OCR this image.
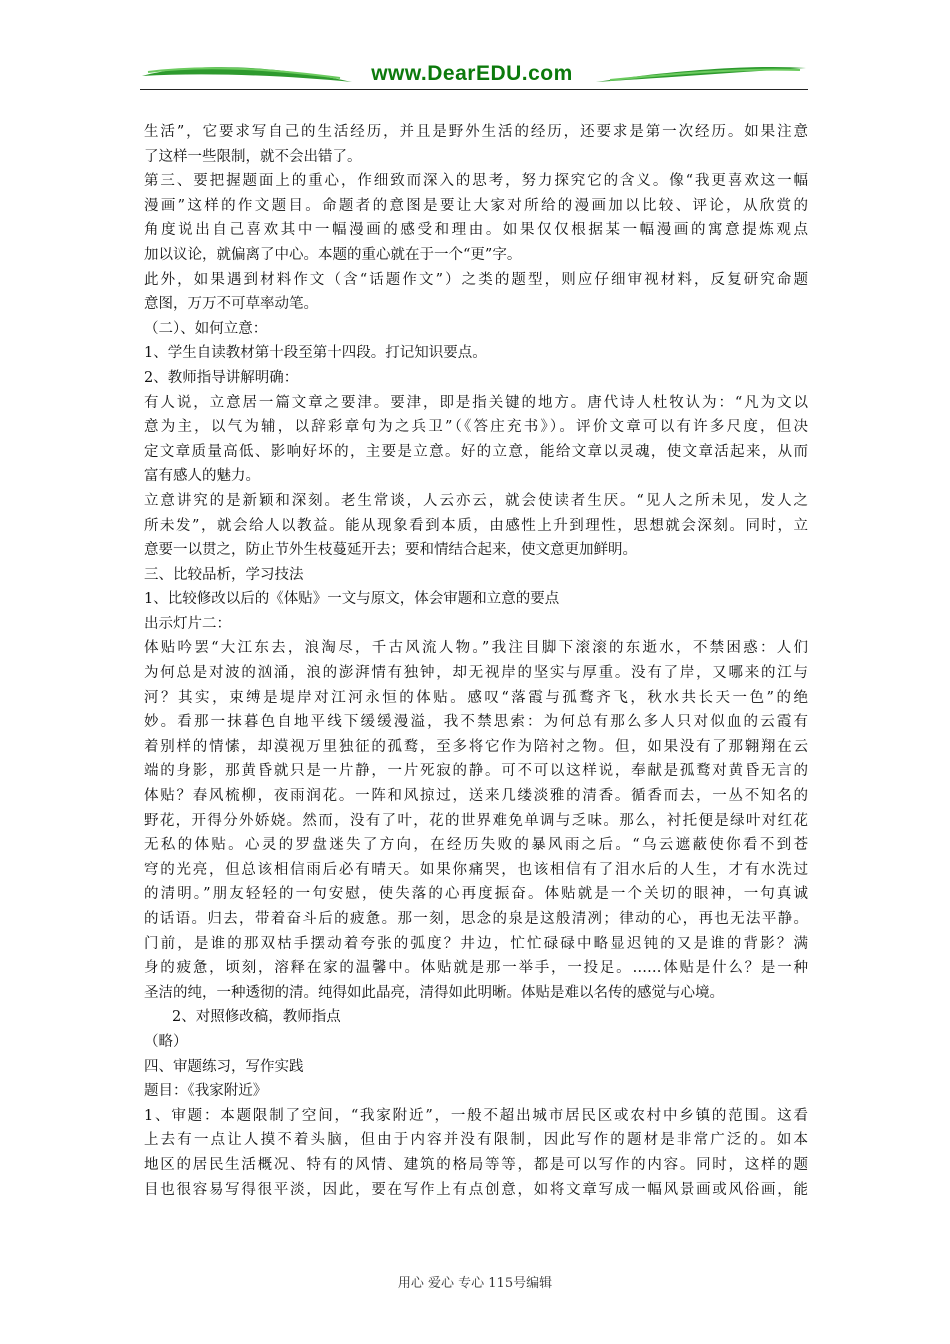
www.DearEDU.com
生活”，它要求写自己的生活经历，并且是野外生活的经历，还要求是第一次经历。如果注意
了这样一些限制，就不会出错了。
第三、要把握题面上的重心，作细致而深入的思考，努力探究它的含义。像“我更喜欢这一幅
漫画”这样的作文题目。命题者的意图是要让大家对所给的漫画加以比较、评论，从欣赏的
角度说出自己喜欢其中一幅漫画的感受和理由。如果仅仅根据某一幅漫画的寓意提炼观点
加以议论，就偏离了中心。本题的重心就在于一个“更”字。
此外，如果遇到材料作文（含“话题作文”）之类的题型，则应仔细审视材料，反复研究命题
意图，万万不可草率动笔。
（二）、如何立意：
1、学生自读教材第十段至第十四段。打记知识要点。
2、教师指导讲解明确：
有人说，立意居一篇文章之要津。要津，即是指关键的地方。唐代诗人杜牧认为：“凡为文以
意为主，以气为辅，以辞彩章句为之兵卫”（《答庄充书》）。评价文章可以有许多尺度，但决
定文章质量高低、影响好坏的，主要是立意。好的立意，能给文章以灵魂，使文章活起来，从而
富有感人的魅力。
立意讲究的是新颖和深刻。老生常谈，人云亦云，就会使读者生厌。“见人之所未见，发人之
所未发”，就会给人以教益。能从现象看到本质，由感性上升到理性，思想就会深刻。同时，立
意要一以贯之，防止节外生枝蔓延开去；要和情结合起来，使文意更加鲜明。
三、比较品析，学习技法
1、比较修改以后的《体贴》一文与原文，体会审题和立意的要点
出示灯片二：
体贴吟罢“大江东去，浪淘尽，千古风流人物。”我注目脚下滚滚的东逝水，不禁困惑：人们
为何总是对波的汹涌，浪的澎湃情有独钟，却无视岸的坚实与厚重。没有了岸，又哪来的江与
河？其实，束缚是堤岸对江河永恒的体贴。感叹“落霞与孤鹜齐飞，秋水共长天一色”的绝
妙。看那一抹暮色自地平线下缓缓漫溢，我不禁思索：为何总有那么多人只对似血的云霞有
着别样的情愫，却漠视万里独征的孤鹜，至多将它作为陪衬之物。但，如果没有了那翱翔在云
端的身影，那黄昏就只是一片静，一片死寂的静。可不可以这样说，奉献是孤鹜对黄昏无言的
体贴？春风梳柳，夜雨润花。一阵和风掠过，送来几缕淡雅的清香。循香而去，一丛不知名的
野花，开得分外娇娆。然而，没有了叶，花的世界难免单调与乏味。那么，衬托便是绿叶对红花
无私的体贴。心灵的罗盘迷失了方向，在经历失败的暴风雨之后。“乌云遮蔽使你看不到苍
穹的光亮，但总该相信雨后必有晴天。如果你痛哭，也该相信有了泪水后的人生，才有水洗过
的清明。”朋友轻轻的一句安慰，使失落的心再度振奋。体贴就是一个关切的眼神，一句真诚
的话语。归去，带着奋斗后的疲惫。那一刻，思念的泉是这般清冽；律动的心，再也无法平静。
门前，是谁的那双枯手摆动着夸张的弧度？井边，忙忙碌碌中略显迟钝的又是谁的背影？满
身的疲惫，顷刻，溶释在家的温馨中。体贴就是那一举手，一投足。……体贴是什么？是一种
圣洁的纯，一种透彻的清。纯得如此晶亮，清得如此明晰。体贴是难以名传的感觉与心境。
2、对照修改稿，教师指点
（略）
四、审题练习，写作实践
题目：《我家附近》
1、审题：本题限制了空间，“我家附近”，一般不超出城市居民区或农村中乡镇的范围。这看
上去有一点让人摸不着头脑，但由于内容并没有限制，因此写作的题材是非常广泛的。如本
地区的居民生活概况、特有的风情、建筑的格局等等，都是可以写作的内容。同时，这样的题
目也很容易写得很平淡，因此，要在写作上有点创意，如将文章写成一幅风景画或风俗画，能
用心 爱心 专心 115号编辑
